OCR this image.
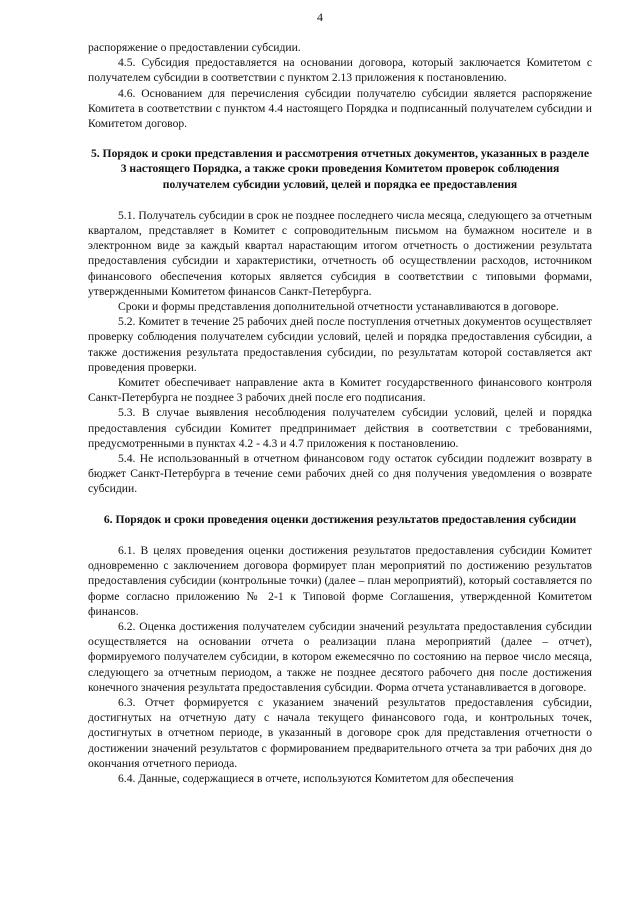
4

распоряжение о предоставлении субсидии.

4.5. Субсидия предоставляется на основании договора, который заключается Комитетом с получателем субсидии в соответствии с пунктом 2.13 приложения к постановлению.

4.6. Основанием для перечисления субсидии получателю субсидии является распоряжение Комитета в соответствии с пунктом 4.4 настоящего Порядка и подписанный получателем субсидии и Комитетом договор.

5. Порядок и сроки представления и рассмотрения отчетных документов, указанных в разделе 3 настоящего Порядка, а также сроки проведения Комитетом проверок соблюдения получателем субсидии условий, целей и порядка ее предоставления

5.1. Получатель субсидии в срок не позднее последнего числа месяца, следующего за отчетным кварталом, представляет в Комитет с сопроводительным письмом на бумажном носителе и в электронном виде за каждый квартал нарастающим итогом отчетность о достижении результата предоставления субсидии и характеристики, отчетность об осуществлении расходов, источником финансового обеспечения которых является субсидия в соответствии с типовыми формами, утвержденными Комитетом финансов Санкт-Петербурга.

Сроки и формы представления дополнительной отчетности устанавливаются в договоре.

5.2. Комитет в течение 25 рабочих дней после поступления отчетных документов осуществляет проверку соблюдения получателем субсидии условий, целей и порядка предоставления субсидии, а также достижения результата предоставления субсидии, по результатам которой составляется акт проведения проверки.

Комитет обеспечивает направление акта в Комитет государственного финансового контроля Санкт-Петербурга не позднее 3 рабочих дней после его подписания.

5.3. В случае выявления несоблюдения получателем субсидии условий, целей и порядка предоставления субсидии Комитет предпринимает действия в соответствии с требованиями, предусмотренными в пунктах 4.2 - 4.3 и 4.7 приложения к постановлению.

5.4. Не использованный в отчетном финансовом году остаток субсидии подлежит возврату в бюджет Санкт-Петербурга в течение семи рабочих дней со дня получения уведомления о возврате субсидии.

6. Порядок и сроки проведения оценки достижения результатов предоставления субсидии

6.1. В целях проведения оценки достижения результатов предоставления субсидии Комитет одновременно с заключением договора формирует план мероприятий по достижению результатов предоставления субсидии (контрольные точки) (далее – план мероприятий), который составляется по форме согласно приложению № 2-1 к Типовой форме Соглашения, утвержденной Комитетом финансов.

6.2. Оценка достижения получателем субсидии значений результата предоставления субсидии осуществляется на основании отчета о реализации плана мероприятий (далее – отчет), формируемого получателем субсидии, в котором ежемесячно по состоянию на первое число месяца, следующего за отчетным периодом, а также не позднее десятого рабочего дня после достижения конечного значения результата предоставления субсидии. Форма отчета устанавливается в договоре.

6.3. Отчет формируется с указанием значений результатов предоставления субсидии, достигнутых на отчетную дату с начала текущего финансового года, и контрольных точек, достигнутых в отчетном периоде, в указанный в договоре срок для представления отчетности о достижении значений результатов с формированием предварительного отчета за три рабочих дня до окончания отчетного периода.

6.4. Данные, содержащиеся в отчете, используются Комитетом для обеспечения
